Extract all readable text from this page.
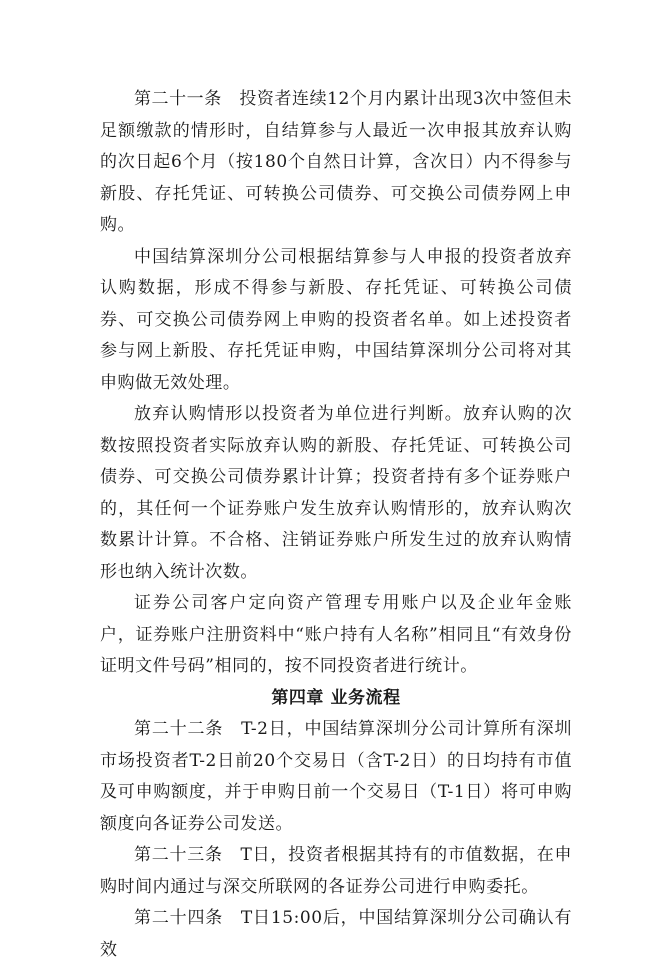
第二十一条　投资者连续12个月内累计出现3次中签但未足额缴款的情形时，自结算参与人最近一次申报其放弃认购的次日起6个月（按180个自然日计算，含次日）内不得参与新股、存托凭证、可转换公司债券、可交换公司债券网上申购。

中国结算深圳分公司根据结算参与人申报的投资者放弃认购数据，形成不得参与新股、存托凭证、可转换公司债券、可交换公司债券网上申购的投资者名单。如上述投资者参与网上新股、存托凭证申购，中国结算深圳分公司将对其申购做无效处理。

放弃认购情形以投资者为单位进行判断。放弃认购的次数按照投资者实际放弃认购的新股、存托凭证、可转换公司债券、可交换公司债券累计计算；投资者持有多个证券账户的，其任何一个证券账户发生放弃认购情形的，放弃认购次数累计计算。不合格、注销证券账户所发生过的放弃认购情形也纳入统计次数。

证券公司客户定向资产管理专用账户以及企业年金账户，证券账户注册资料中“账户持有人名称”相同且“有效身份证明文件号码”相同的，按不同投资者进行统计。

第四章 业务流程

第二十二条　T-2日，中国结算深圳分公司计算所有深圳市场投资者T-2日前20个交易日（含T-2日）的日均持有市值及可申购额度，并于申购日前一个交易日（T-1日）将可申购额度向各证券公司发送。

第二十三条　T日，投资者根据其持有的市值数据，在申购时间内通过与深交所联网的各证券公司进行申购委托。

第二十四条　T日15:00后，中国结算深圳分公司确认有效
